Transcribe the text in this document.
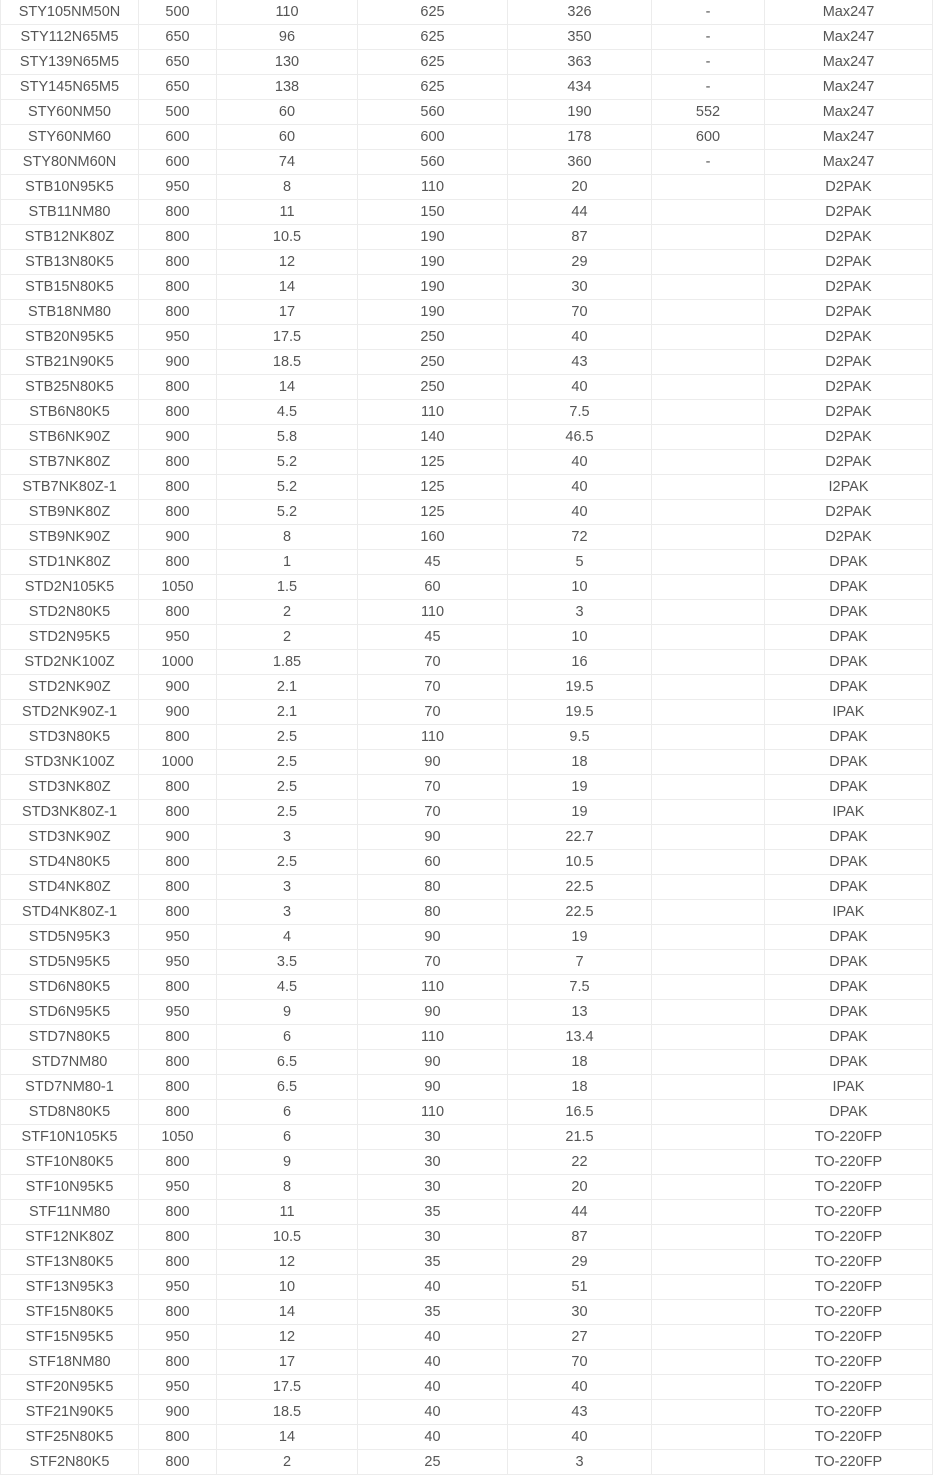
STY105NM50N	500	110	625	326	-	Max247
STY112N65M5	650	96	625	350	-	Max247
STY139N65M5	650	130	625	363	-	Max247
STY145N65M5	650	138	625	434	-	Max247
STY60NM50	500	60	560	190	552	Max247
STY60NM60	600	60	600	178	600	Max247
STY80NM60N	600	74	560	360	-	Max247
STB10N95K5	950	8	110	20		D2PAK
STB11NM80	800	11	150	44		D2PAK
STB12NK80Z	800	10.5	190	87		D2PAK
STB13N80K5	800	12	190	29		D2PAK
STB15N80K5	800	14	190	30		D2PAK
STB18NM80	800	17	190	70		D2PAK
STB20N95K5	950	17.5	250	40		D2PAK
STB21N90K5	900	18.5	250	43		D2PAK
STB25N80K5	800	14	250	40		D2PAK
STB6N80K5	800	4.5	110	7.5		D2PAK
STB6NK90Z	900	5.8	140	46.5		D2PAK
STB7NK80Z	800	5.2	125	40		D2PAK
STB7NK80Z-1	800	5.2	125	40		I2PAK
STB9NK80Z	800	5.2	125	40		D2PAK
STB9NK90Z	900	8	160	72		D2PAK
STD1NK80Z	800	1	45	5		DPAK
STD2N105K5	1050	1.5	60	10		DPAK
STD2N80K5	800	2	110	3		DPAK
STD2N95K5	950	2	45	10		DPAK
STD2NK100Z	1000	1.85	70	16		DPAK
STD2NK90Z	900	2.1	70	19.5		DPAK
STD2NK90Z-1	900	2.1	70	19.5		IPAK
STD3N80K5	800	2.5	110	9.5		DPAK
STD3NK100Z	1000	2.5	90	18		DPAK
STD3NK80Z	800	2.5	70	19		DPAK
STD3NK80Z-1	800	2.5	70	19		IPAK
STD3NK90Z	900	3	90	22.7		DPAK
STD4N80K5	800	2.5	60	10.5		DPAK
STD4NK80Z	800	3	80	22.5		DPAK
STD4NK80Z-1	800	3	80	22.5		IPAK
STD5N95K3	950	4	90	19		DPAK
STD5N95K5	950	3.5	70	7		DPAK
STD6N80K5	800	4.5	110	7.5		DPAK
STD6N95K5	950	9	90	13		DPAK
STD7N80K5	800	6	110	13.4		DPAK
STD7NM80	800	6.5	90	18		DPAK
STD7NM80-1	800	6.5	90	18		IPAK
STD8N80K5	800	6	110	16.5		DPAK
STF10N105K5	1050	6	30	21.5		TO-220FP
STF10N80K5	800	9	30	22		TO-220FP
STF10N95K5	950	8	30	20		TO-220FP
STF11NM80	800	11	35	44		TO-220FP
STF12NK80Z	800	10.5	30	87		TO-220FP
STF13N80K5	800	12	35	29		TO-220FP
STF13N95K3	950	10	40	51		TO-220FP
STF15N80K5	800	14	35	30		TO-220FP
STF15N95K5	950	12	40	27		TO-220FP
STF18NM80	800	17	40	70		TO-220FP
STF20N95K5	950	17.5	40	40		TO-220FP
STF21N90K5	900	18.5	40	43		TO-220FP
STF25N80K5	800	14	40	40		TO-220FP
STF2N80K5	800	2	25	3		TO-220FP
